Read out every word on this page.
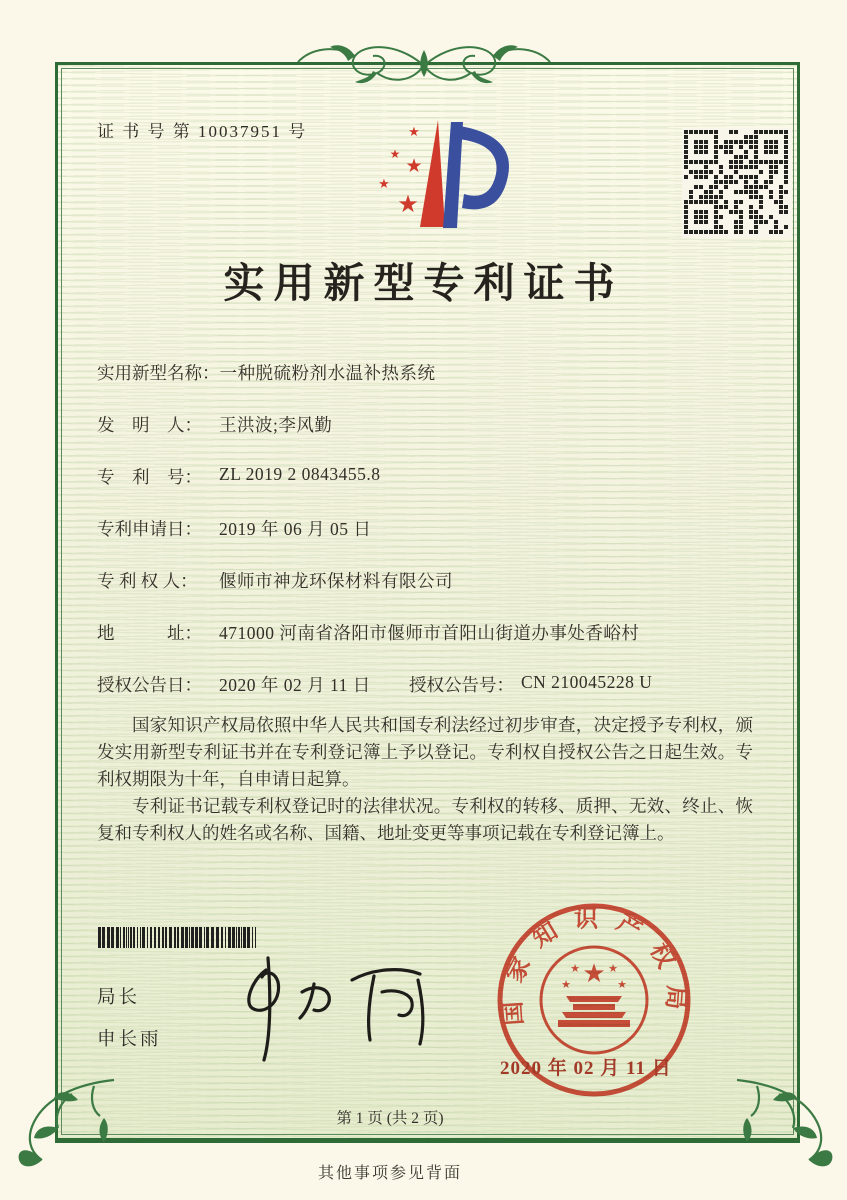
证 书 号 第 10037951 号	★
★
★
★
★
实用新型专利证书
实用新型名称： 一种脱硫粉剂水温补热系统
发　明　人： 王洪波;李风勤
专　利　号： ZL 2019 2 0843455.8
专利申请日： 2019 年 06 月 05 日
专 利 权 人：	偃师市神龙环保材料有限公司
地　　　址： 471000 河南省洛阳市偃师市首阳山街道办事处香峪村
授权公告日： 2020 年 02 月 11 日	授权公告号： CN 210045228 U

国家知识产权局依照中华人民共和国专利法经过初步审查，决定授予专利权，颁发实用新型专利证书并在专利登记簿上予以登记。专利权自授权公告之日起生效。专利权期限为十年，自申请日起算。

专利证书记载专利权登记时的法律状况。专利权的转移、质押、无效、终止、恢复和专利权人的姓名或名称、国籍、地址变更等事项记载在专利登记簿上。

局长
申长雨
国家知识产权局
★
★	★
★	★
2020 年 02 月 11 日
第 1 页 (共 2 页)
其他事项参见背面
